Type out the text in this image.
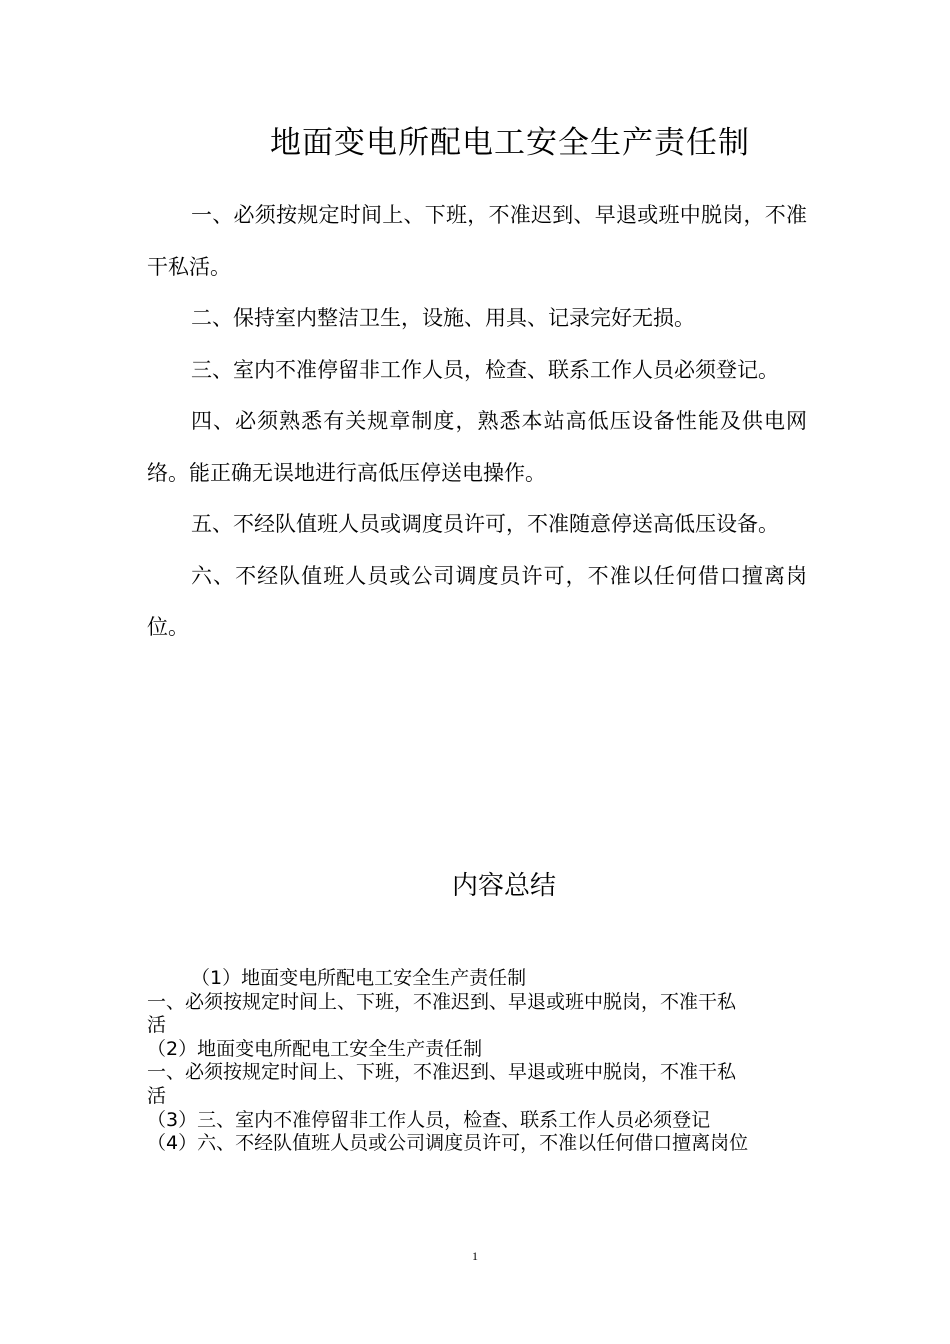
地面变电所配电工安全生产责任制
一、必须按规定时间上、下班，不准迟到、早退或班中脱岗，不准干私活。
二、保持室内整洁卫生，设施、用具、记录完好无损。
三、室内不准停留非工作人员，检查、联系工作人员必须登记。
四、必须熟悉有关规章制度，熟悉本站高低压设备性能及供电网络。能正确无误地进行高低压停送电操作。
五、不经队值班人员或调度员许可，不准随意停送高低压设备。
六、不经队值班人员或公司调度员许可，不准以任何借口擅离岗位。
内容总结
（1）地面变电所配电工安全生产责任制
一、必须按规定时间上、下班，不准迟到、早退或班中脱岗，不准干私
活
（2）地面变电所配电工安全生产责任制
一、必须按规定时间上、下班，不准迟到、早退或班中脱岗，不准干私
活
（3）三、室内不准停留非工作人员，检查、联系工作人员必须登记
（4）六、不经队值班人员或公司调度员许可，不准以任何借口擅离岗位

1
